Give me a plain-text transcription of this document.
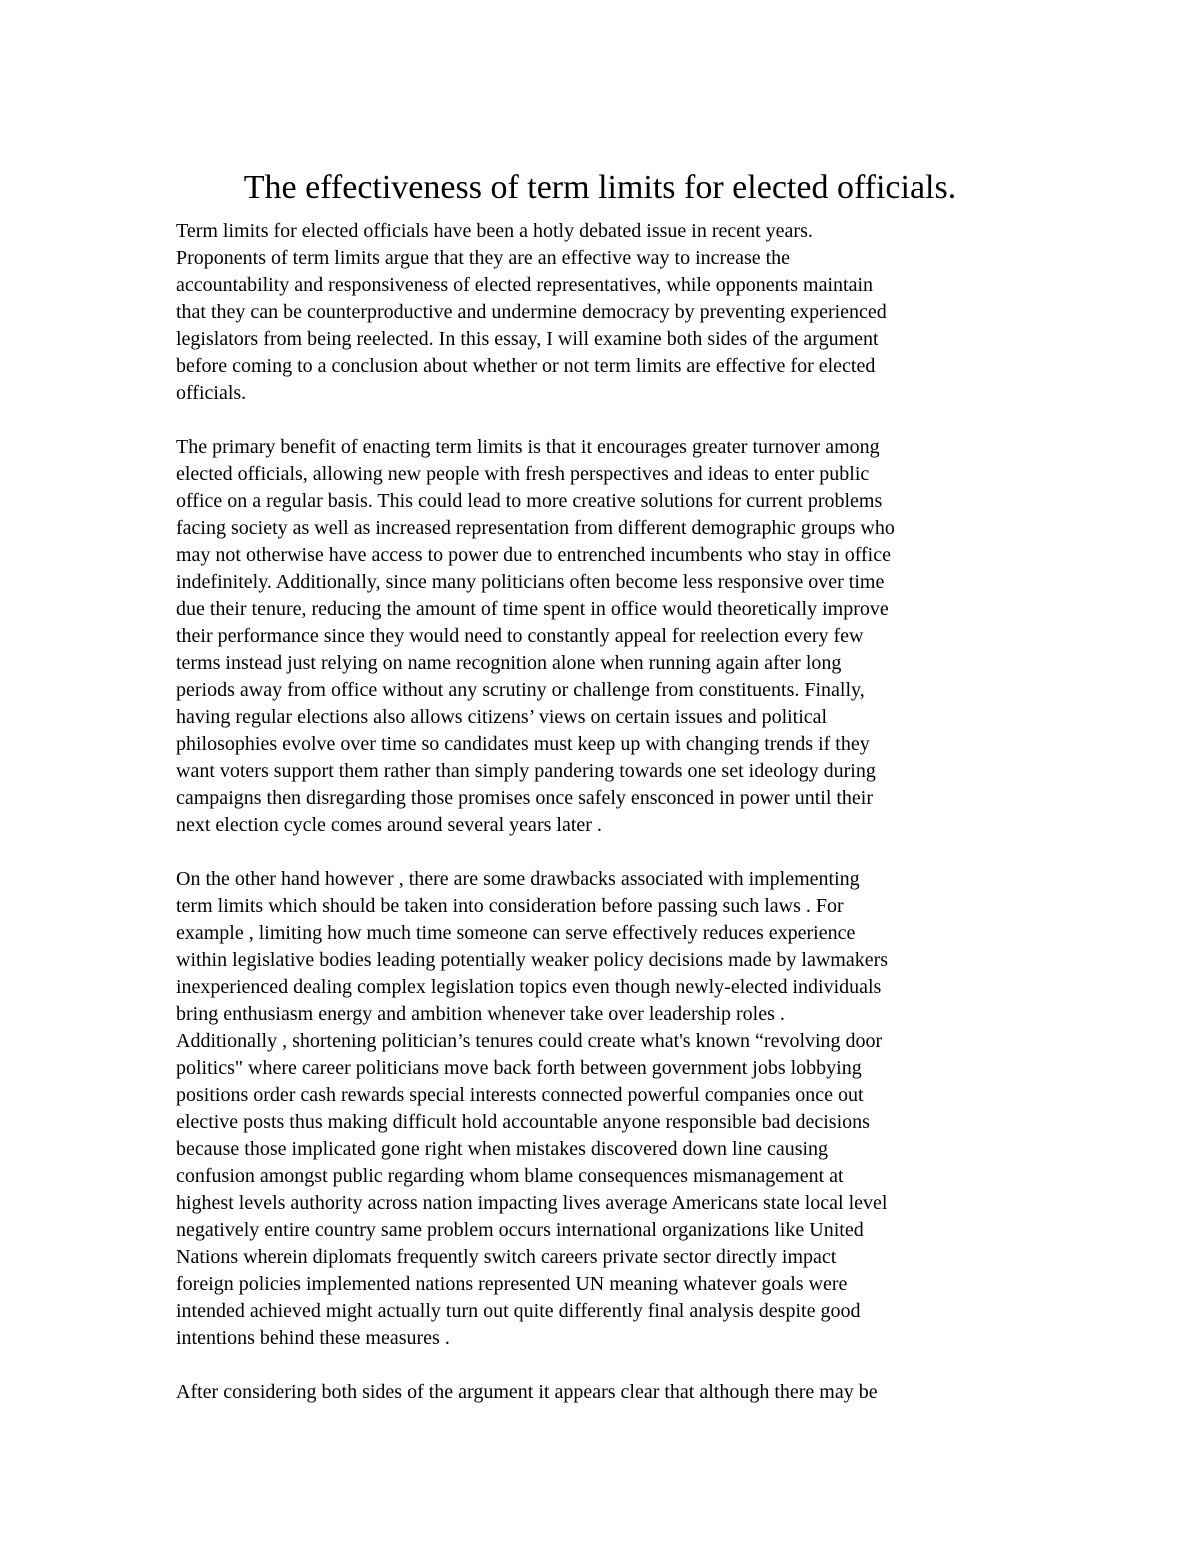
The effectiveness of term limits for elected officials.
Term limits for elected officials have been a hotly debated issue in recent years.
Proponents of term limits argue that they are an effective way to increase the
accountability and responsiveness of elected representatives, while opponents maintain
that they can be counterproductive and undermine democracy by preventing experienced
legislators from being reelected. In this essay, I will examine both sides of the argument
before coming to a conclusion about whether or not term limits are effective for elected
officials.
The primary benefit of enacting term limits is that it encourages greater turnover among
elected officials, allowing new people with fresh perspectives and ideas to enter public
office on a regular basis. This could lead to more creative solutions for current problems
facing society as well as increased representation from different demographic groups who
may not otherwise have access to power due to entrenched incumbents who stay in office
indefinitely. Additionally, since many politicians often become less responsive over time
due their tenure, reducing the amount of time spent in office would theoretically improve
their performance since they would need to constantly appeal for reelection every few
terms instead just relying on name recognition alone when running again after long
periods away from office without any scrutiny or challenge from constituents. Finally,
having regular elections also allows citizens’ views on certain issues and political
philosophies evolve over time so candidates must keep up with changing trends if they
want voters support them rather than simply pandering towards one set ideology during
campaigns then disregarding those promises once safely ensconced in power until their
next election cycle comes around several years later .
On the other hand however , there are some drawbacks associated with implementing
term limits which should be taken into consideration before passing such laws . For
example , limiting how much time someone can serve effectively reduces experience
within legislative bodies leading potentially weaker policy decisions made by lawmakers
inexperienced dealing complex legislation topics even though newly-elected individuals
bring enthusiasm energy and ambition whenever take over leadership roles .
Additionally , shortening politician’s tenures could create what's known “revolving door
politics" where career politicians move back forth between government jobs lobbying
positions order cash rewards special interests connected powerful companies once out
elective posts thus making difficult hold accountable anyone responsible bad decisions
because those implicated gone right when mistakes discovered down line causing
confusion amongst public regarding whom blame consequences mismanagement at
highest levels authority across nation impacting lives average Americans state local level
negatively entire country same problem occurs international organizations like United
Nations wherein diplomats frequently switch careers private sector directly impact
foreign policies implemented nations represented UN meaning whatever goals were
intended achieved might actually turn out quite differently final analysis despite good
intentions behind these measures .
After considering both sides of the argument it appears clear that although there may be
